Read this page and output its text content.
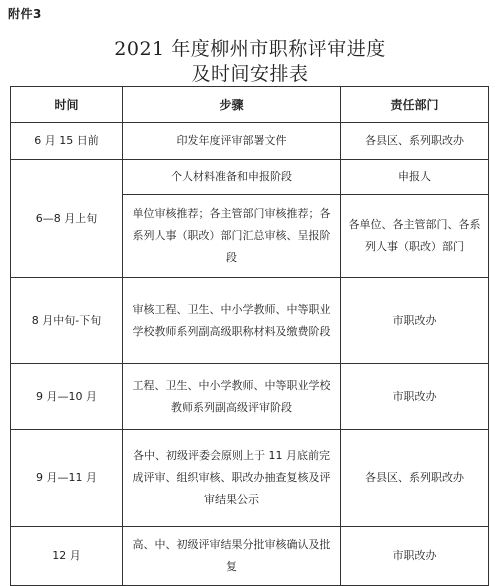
附件3
2021 年度柳州市职称评审进度
及时间安排表
时间	步骤	责任部门
6 月 15 日前	印发年度评审部署文件	各县区、系列职改办
6—8 月上旬	个人材料准备和申报阶段	申报人
	单位审核推荐；各主管部门审核推荐；各系列人事（职改）部门汇总审核、呈报阶段	各单位、各主管部门、各系列人事（职改）部门
8 月中旬-下旬	审核工程、卫生、中小学教师、中等职业学校教师系列副高级职称材料及缴费阶段	市职改办
9 月—10 月	工程、卫生、中小学教师、中等职业学校教师系列副高级评审阶段	市职改办
9 月—11 月	各中、初级评委会原则上于 11 月底前完成评审、组织审核、职改办抽查复核及评审结果公示	各县区、系列职改办
12 月	高、中、初级评审结果分批审核确认及批复	市职改办
